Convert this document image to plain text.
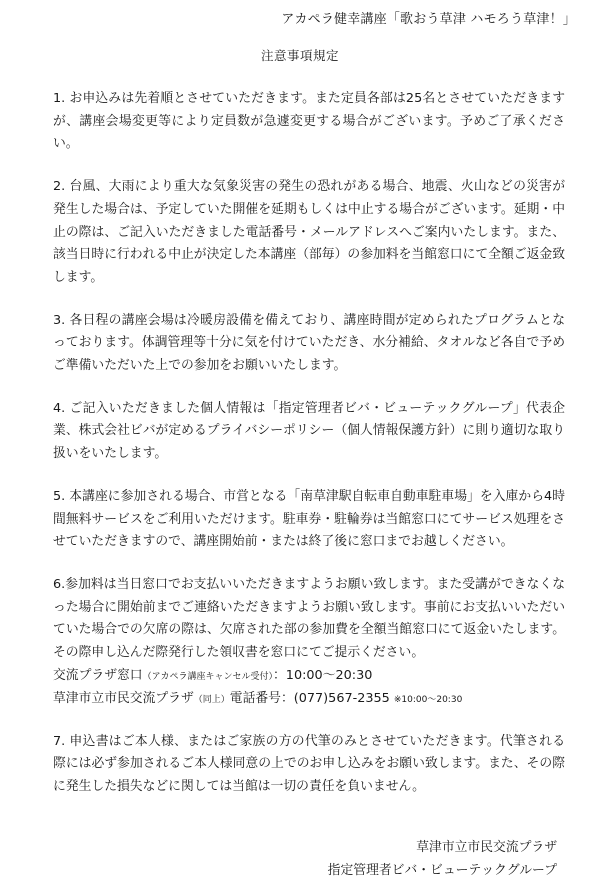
アカペラ健幸講座「歌おう草津 ハモろう草津！」
注意事項規定

1. お申込みは先着順とさせていただきます。また定員各部は25名とさせていただきますが、講座会場変更等により定員数が急遽変更する場合がございます。予めご了承ください。

2. 台風、大雨により重大な気象災害の発生の恐れがある場合、地震、火山などの災害が発生した場合は、予定していた開催を延期もしくは中止する場合がございます。延期・中止の際は、ご記入いただきました電話番号・メールアドレスへご案内いたします。また、該当日時に行われる中止が決定した本講座（部毎）の参加料を当館窓口にて全額ご返金致します。

3. 各日程の講座会場は冷暖房設備を備えており、講座時間が定められたプログラムとなっております。体調管理等十分に気を付けていただき、水分補給、タオルなど各自で予めご準備いただいた上での参加をお願いいたします。

4. ご記入いただきました個人情報は「指定管理者ビバ・ビューテックグループ」代表企業、株式会社ビバが定めるプライバシーポリシー（個人情報保護方針）に則り適切な取り扱いをいたします。

5. 本講座に参加される場合、市営となる「南草津駅自転車自動車駐車場」を入庫から4時間無料サービスをご利用いただけます。駐車券・駐輪券は当館窓口にてサービス処理をさせていただきますので、講座開始前・または終了後に窓口までお越しください。

6.参加料は当日窓口でお支払いいただきますようお願い致します。また受講ができなくなった場合に開始前までご連絡いただきますようお願い致します。事前にお支払いいただいていた場合での欠席の際は、欠席された部の参加費を全額当館窓口にて返金いたします。その際申し込んだ際発行した領収書を窓口にてご提示ください。

交流プラザ窓口（アカペラ講座キャンセル受付）：10:00～20:30
草津市立市民交流プラザ（同上）電話番号：(077)567-2355 ※10:00～20:30

7. 申込書はご本人様、またはご家族の方の代筆のみとさせていただきます。代筆される際には必ず参加されるご本人様同意の上でのお申し込みをお願い致します。また、その際に発生した損失などに関しては当館は一切の責任を負いません。

草津市立市民交流プラザ
指定管理者ビバ・ビューテックグループ
